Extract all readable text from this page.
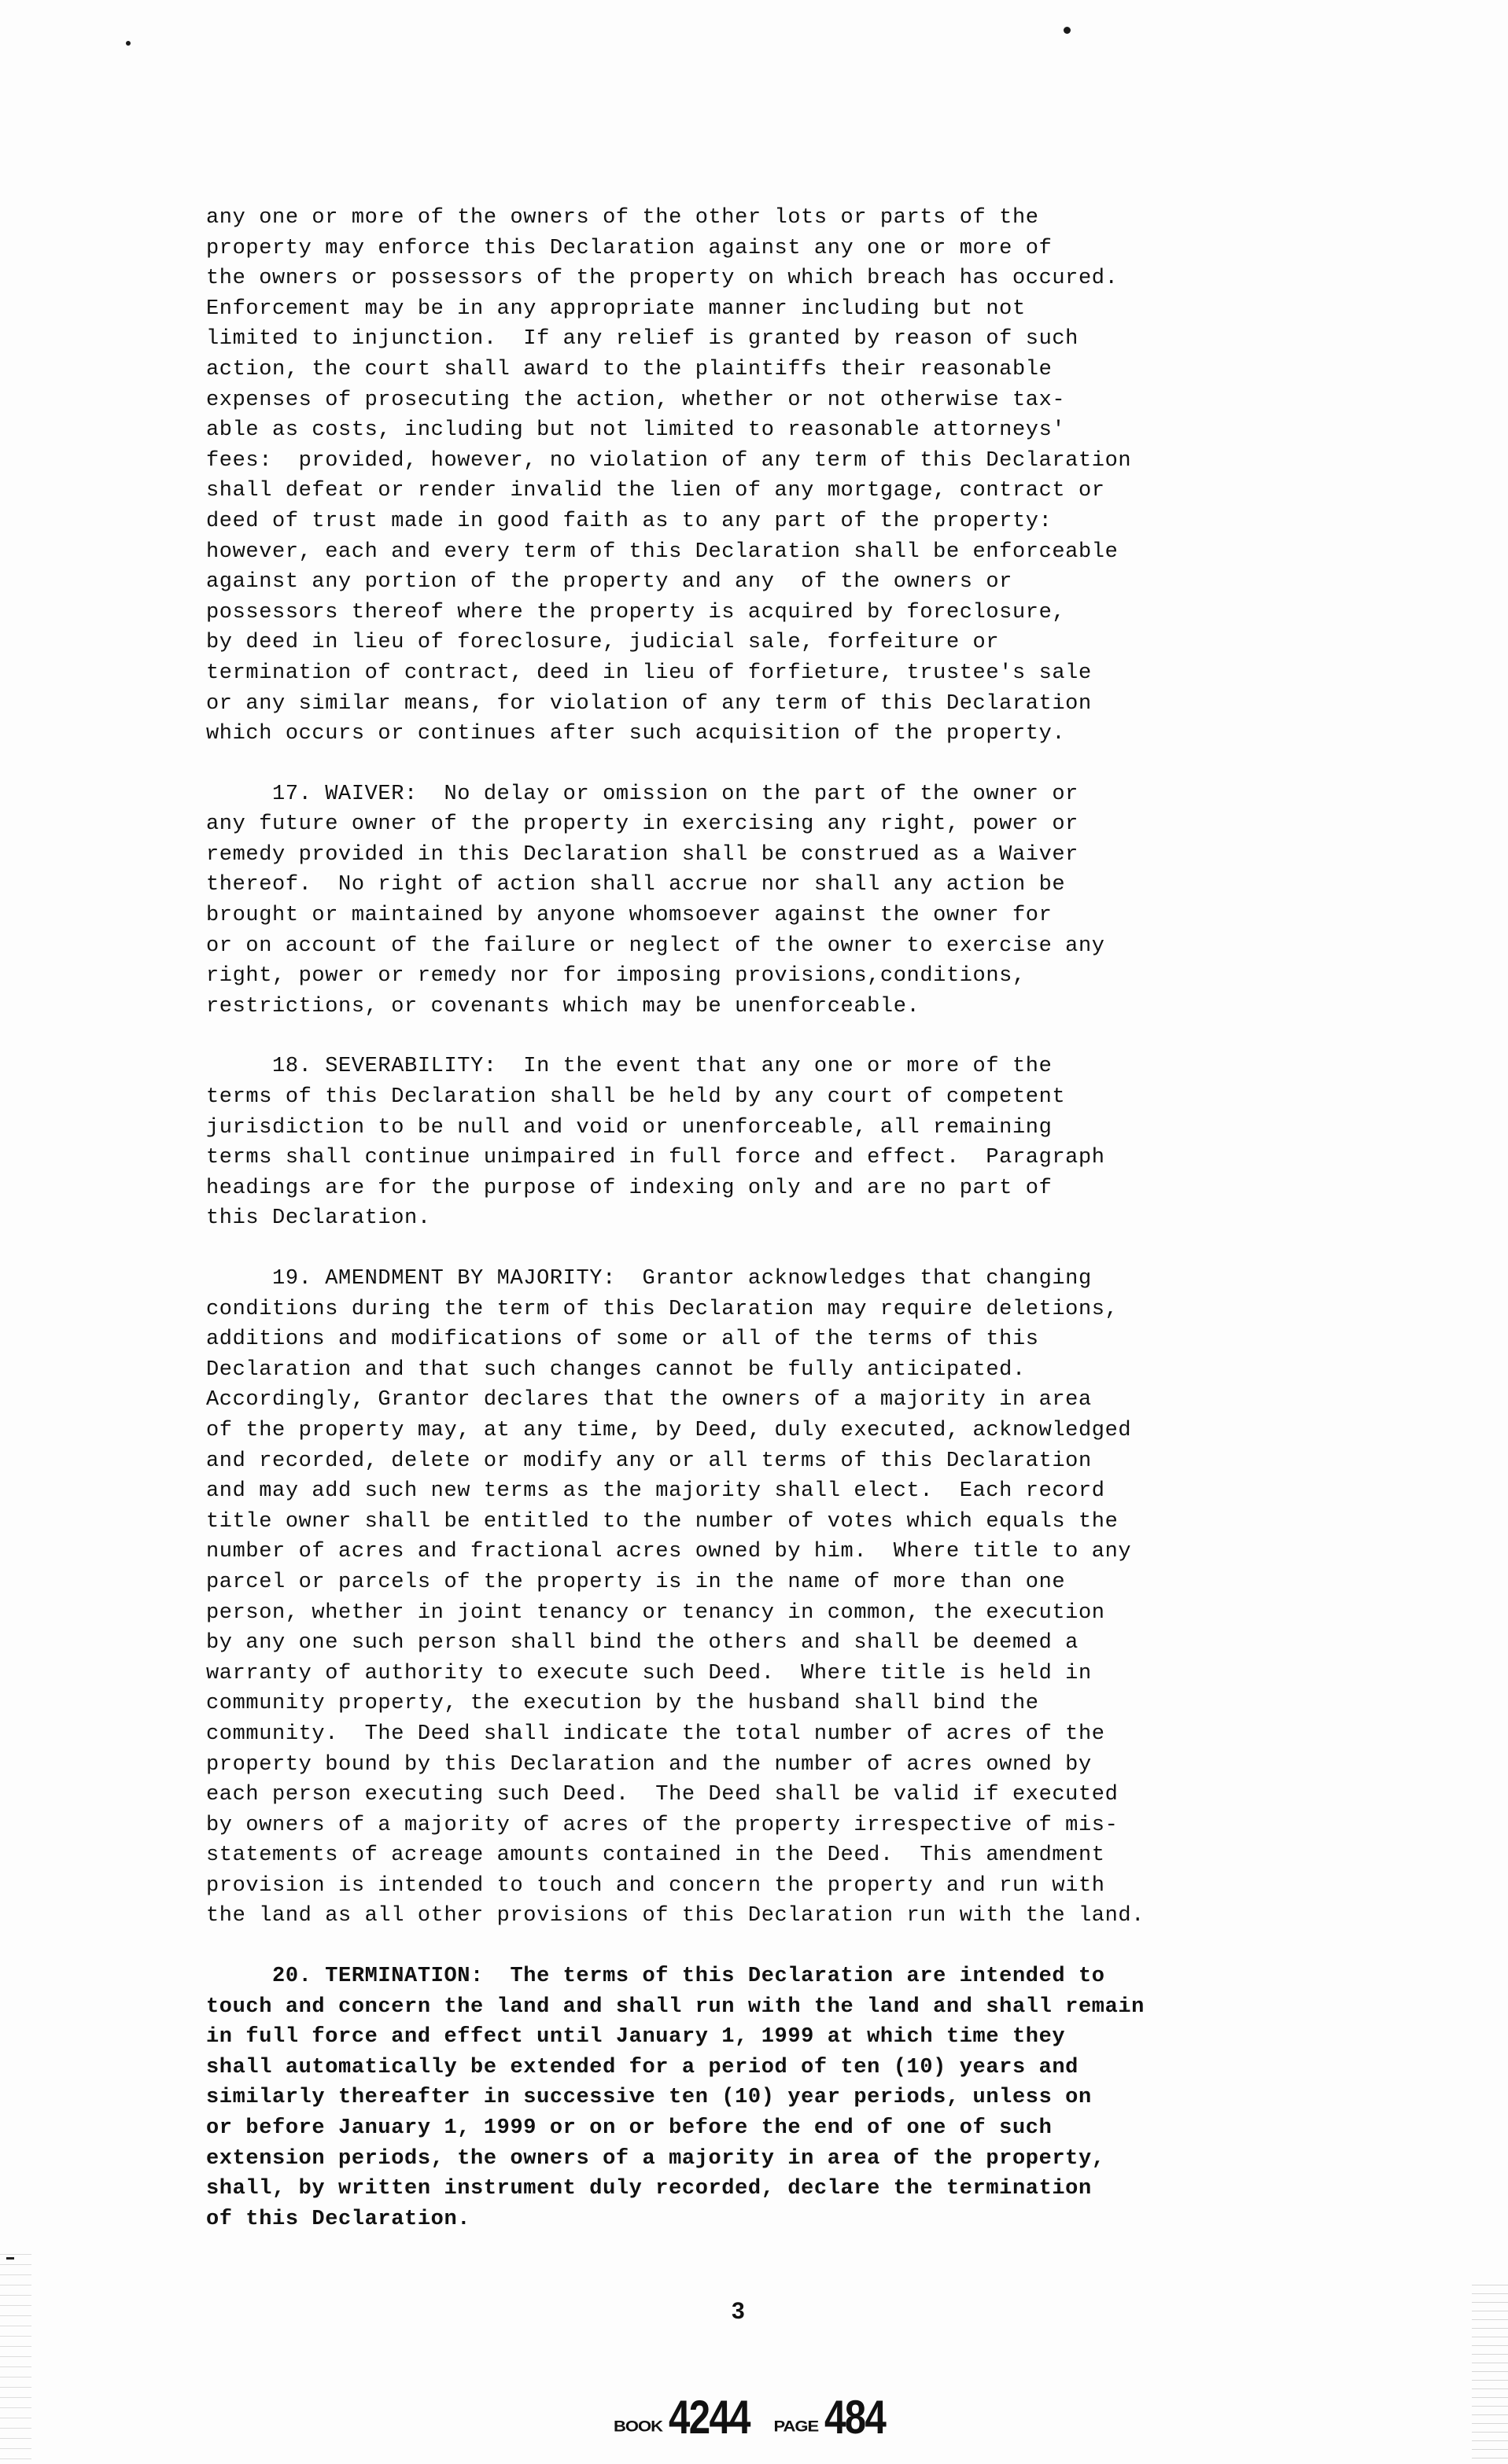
any one or more of the owners of the other lots or parts of the
property may enforce this Declaration against any one or more of
the owners or possessors of the property on which breach has occured.
Enforcement may be in any appropriate manner including but not
limited to injunction.  If any relief is granted by reason of such
action, the court shall award to the plaintiffs their reasonable
expenses of prosecuting the action, whether or not otherwise tax-
able as costs, including but not limited to reasonable attorneys'
fees:  provided, however, no violation of any term of this Declaration
shall defeat or render invalid the lien of any mortgage, contract or
deed of trust made in good faith as to any part of the property:
however, each and every term of this Declaration shall be enforceable
against any portion of the property and any  of the owners or
possessors thereof where the property is acquired by foreclosure,
by deed in lieu of foreclosure, judicial sale, forfeiture or
termination of contract, deed in lieu of forfieture, trustee's sale
or any similar means, for violation of any term of this Declaration
which occurs or continues after such acquisition of the property.
17. WAIVER:  No delay or omission on the part of the owner or
any future owner of the property in exercising any right, power or
remedy provided in this Declaration shall be construed as a Waiver
thereof.  No right of action shall accrue nor shall any action be
brought or maintained by anyone whomsoever against the owner for
or on account of the failure or neglect of the owner to exercise any
right, power or remedy nor for imposing provisions,conditions,
restrictions, or covenants which may be unenforceable.
18. SEVERABILITY:  In the event that any one or more of the
terms of this Declaration shall be held by any court of competent
jurisdiction to be null and void or unenforceable, all remaining
terms shall continue unimpaired in full force and effect.  Paragraph
headings are for the purpose of indexing only and are no part of
this Declaration.
19. AMENDMENT BY MAJORITY:  Grantor acknowledges that changing
conditions during the term of this Declaration may require deletions,
additions and modifications of some or all of the terms of this
Declaration and that such changes cannot be fully anticipated.
Accordingly, Grantor declares that the owners of a majority in area
of the property may, at any time, by Deed, duly executed, acknowledged
and recorded, delete or modify any or all terms of this Declaration
and may add such new terms as the majority shall elect.  Each record
title owner shall be entitled to the number of votes which equals the
number of acres and fractional acres owned by him.  Where title to any
parcel or parcels of the property is in the name of more than one
person, whether in joint tenancy or tenancy in common, the execution
by any one such person shall bind the others and shall be deemed a
warranty of authority to execute such Deed.  Where title is held in
community property, the execution by the husband shall bind the
community.  The Deed shall indicate the total number of acres of the
property bound by this Declaration and the number of acres owned by
each person executing such Deed.  The Deed shall be valid if executed
by owners of a majority of acres of the property irrespective of mis-
statements of acreage amounts contained in the Deed.  This amendment
provision is intended to touch and concern the property and run with
the land as all other provisions of this Declaration run with the land.
20. TERMINATION:  The terms of this Declaration are intended to
touch and concern the land and shall run with the land and shall remain
in full force and effect until January 1, 1999 at which time they
shall automatically be extended for a period of ten (10) years and
similarly thereafter in successive ten (10) year periods, unless on
or before January 1, 1999 or on or before the end of one of such
extension periods, the owners of a majority in area of the property,
shall, by written instrument duly recorded, declare the termination
of this Declaration.
3
BOOK 4244 PAGE 484
